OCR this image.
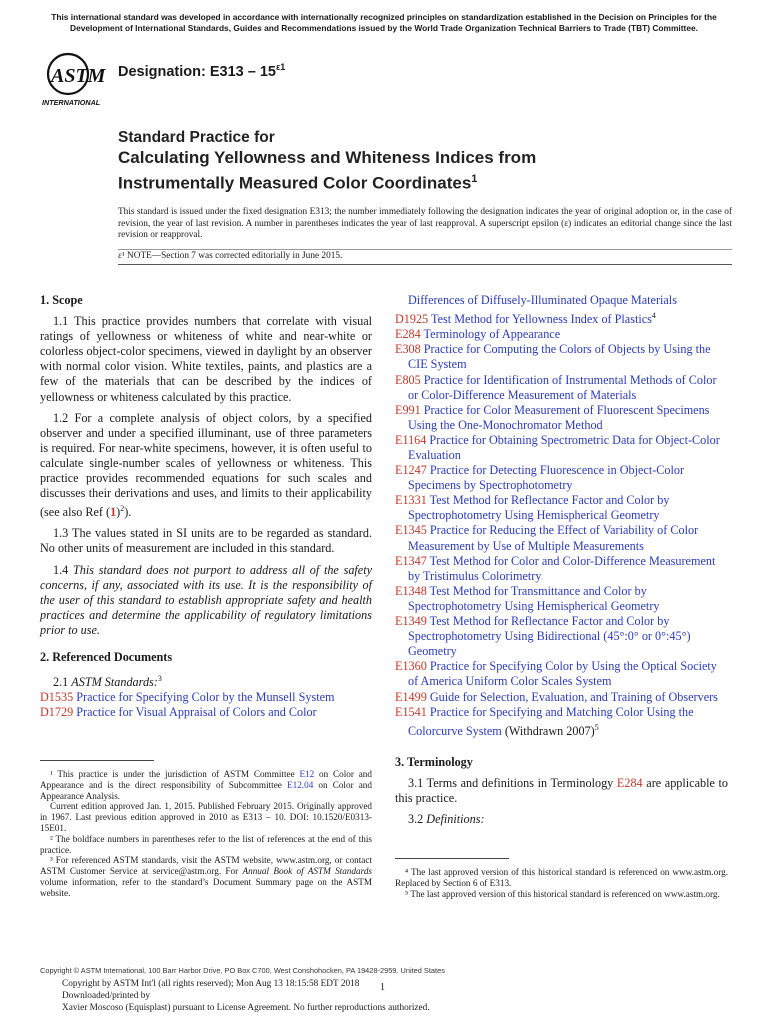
This international standard was developed in accordance with internationally recognized principles on standardization established in the Decision on Principles for the Development of International Standards, Guides and Recommendations issued by the World Trade Organization Technical Barriers to Trade (TBT) Committee.
ASTM
INTERNATIONAL
Designation: $E313 - 15^{\varepsilon 1}$
Standard Practice for
Calculating Yellowness and Whiteness Indices from
Instrumentally Measured Color Coordinates$^1$
This standard is issued under the fixed designation E313; the number immediately following the designation indicates the year of original adoption or, in the case of revision, the year of last revision. A number in parentheses indicates the year of last reapproval. A superscript epsilon (ε) indicates an editorial change since the last revision or reapproval.
ε¹ NOTE—Section 7 was corrected editorially in June 2015.
1. Scope

1.1 This practice provides numbers that correlate with visual ratings of yellowness or whiteness of white and near-white or colorless object-color specimens, viewed in daylight by an observer with normal color vision. White textiles, paints, and plastics are a few of the materials that can be described by the indices of yellowness or whiteness calculated by this practice.

1.2 For a complete analysis of object colors, by a specified observer and under a specified illuminant, use of three parameters is required. For near-white specimens, however, it is often useful to calculate single-number scales of yellowness or whiteness. This practice provides recommended equations for such scales and discusses their derivations and uses, and limits to their applicability (see also Ref $(1)^2$).

1.3 The values stated in SI units are to be regarded as standard. No other units of measurement are included in this standard.

1.4 This standard does not purport to address all of the safety concerns, if any, associated with its use. It is the responsibility of the user of this standard to establish appropriate safety and health practices and determine the applicability of regulatory limitations prior to use.

2. Referenced Documents

2.1 ASTM Standards:$^3$

D1535 Practice for Specifying Color by the Munsell System

D1729 Practice for Visual Appraisal of Colors and Color

¹ This practice is under the jurisdiction of ASTM Committee E12 on Color and Appearance and is the direct responsibility of Subcommittee E12.04 on Color and Appearance Analysis.

Current edition approved Jan. 1, 2015. Published February 2015. Originally approved in 1967. Last previous edition approved in 2010 as E313 – 10. DOI: 10.1520/E0313-15E01.

² The boldface numbers in parentheses refer to the list of references at the end of this practice.

³ For referenced ASTM standards, visit the ASTM website, www.astm.org, or contact ASTM Customer Service at service@astm.org. For Annual Book of ASTM Standards volume information, refer to the standard’s Document Summary page on the ASTM website.

Differences of Diffusely-Illuminated Opaque Materials

D1925 Test Method for Yellowness Index of Plastics$^4$

E284 Terminology of Appearance

E308 Practice for Computing the Colors of Objects by Using the CIE System

E805 Practice for Identification of Instrumental Methods of Color or Color-Difference Measurement of Materials

E991 Practice for Color Measurement of Fluorescent Specimens Using the One-Monochromator Method

E1164 Practice for Obtaining Spectrometric Data for Object-Color Evaluation

E1247 Practice for Detecting Fluorescence in Object-Color Specimens by Spectrophotometry

E1331 Test Method for Reflectance Factor and Color by Spectrophotometry Using Hemispherical Geometry

E1345 Practice for Reducing the Effect of Variability of Color Measurement by Use of Multiple Measurements

E1347 Test Method for Color and Color-Difference Measurement by Tristimulus Colorimetry

E1348 Test Method for Transmittance and Color by Spectrophotometry Using Hemispherical Geometry

E1349 Test Method for Reflectance Factor and Color by Spectrophotometry Using Bidirectional (45°:0° or 0°:45°) Geometry

E1360 Practice for Specifying Color by Using the Optical Society of America Uniform Color Scales System

E1499 Guide for Selection, Evaluation, and Training of Observers

E1541 Practice for Specifying and Matching Color Using the Colorcurve System (Withdrawn 2007)$^5$

3. Terminology

3.1 Terms and definitions in Terminology E284 are applicable to this practice.

3.2 Definitions:

⁴ The last approved version of this historical standard is referenced on www.astm.org. Replaced by Section 6 of E313.

⁵ The last approved version of this historical standard is referenced on www.astm.org.

Copyright © ASTM International, 100 Barr Harbor Drive, PO Box C700, West Conshohocken, PA 19428-2959. United States
Copyright by ASTM Int'l (all rights reserved); Mon Aug 13 18:15:58 EDT 2018
Downloaded/printed by
Xavier Moscoso (Equisplast) pursuant to License Agreement. No further reproductions authorized.
1
